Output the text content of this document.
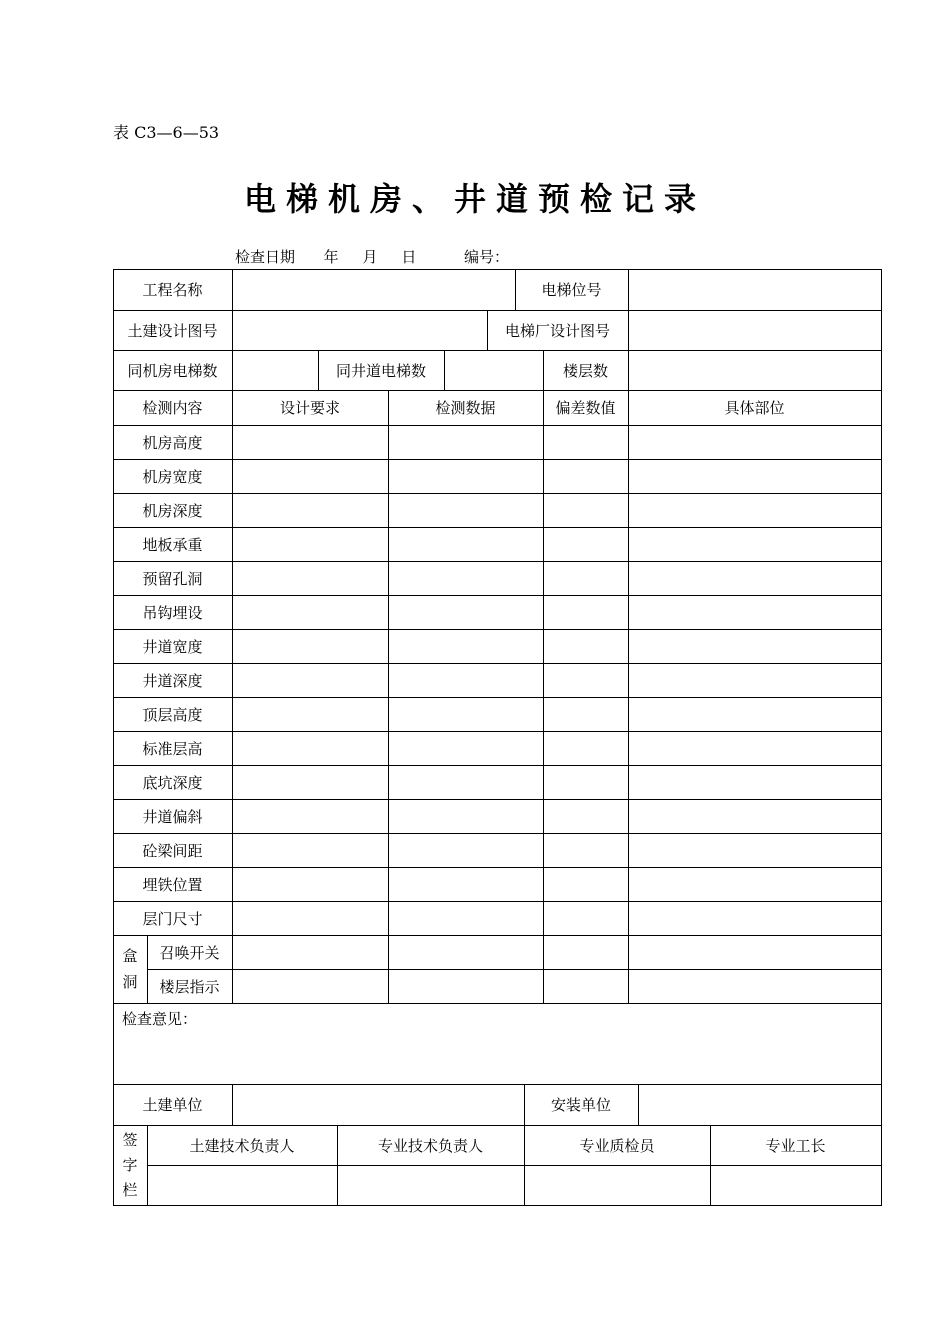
表 C3—6—53
电梯机房、井道预检记录
检查日期 年 月 日	编号：
工程名称	电梯位号
土建设计图号	电梯厂设计图号
同机房电梯数	同井道电梯数	楼层数
检测内容	设计要求	检测数据	偏差数值	具体部位
机房高度
机房宽度
机房深度
地板承重
预留孔洞
吊钩埋设
井道宽度
井道深度
顶层高度
标准层高
底坑深度
井道偏斜
砼梁间距
埋铁位置
层门尺寸
盒洞
召唤开关
楼层指示
检查意见：
土建单位	安装单位
签字栏
土建技术负责人	专业技术负责人	专业质检员	专业工长
